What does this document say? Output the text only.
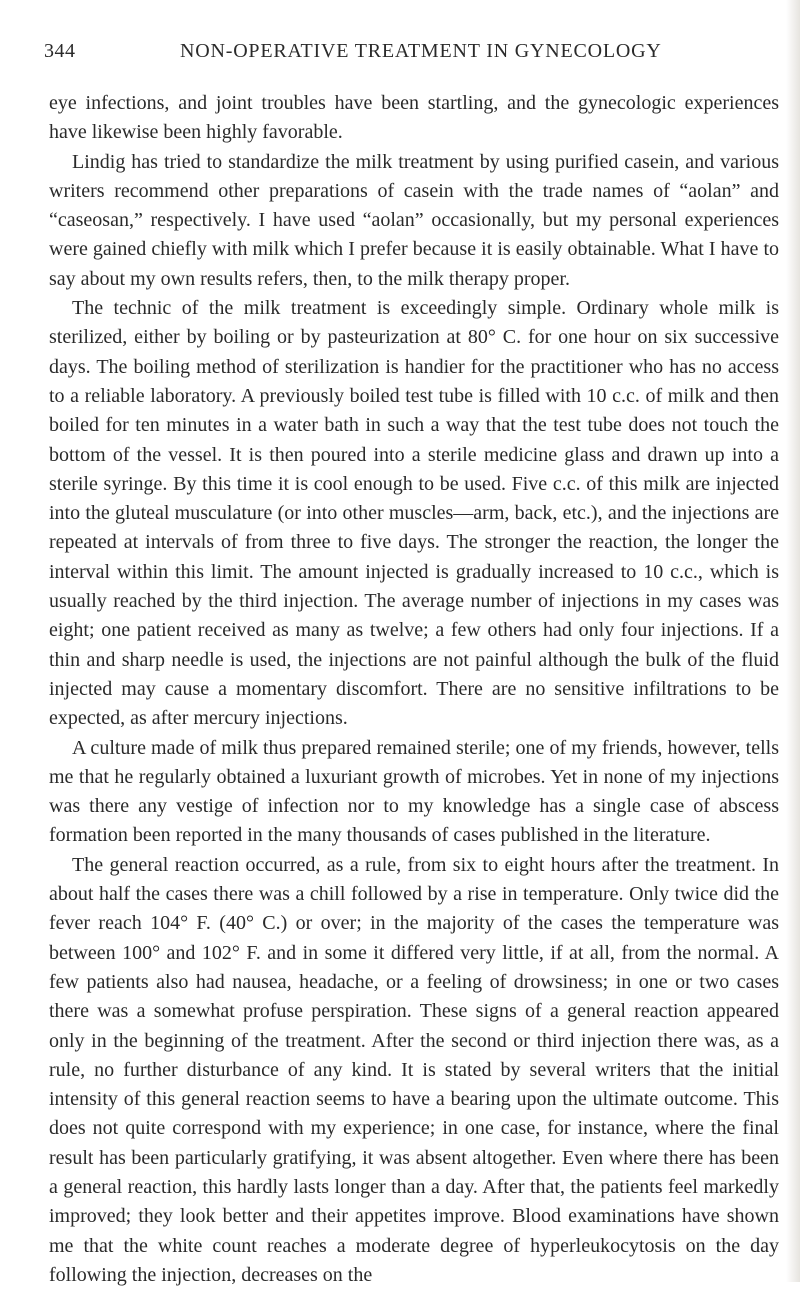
344	NON-OPERATIVE TREATMENT IN GYNECOLOGY

eye infections, and joint troubles have been startling, and the gynecologic experiences have likewise been highly favorable.

Lindig has tried to standardize the milk treatment by using purified casein, and various writers recommend other preparations of casein with the trade names of “aolan” and “caseosan,” respectively. I have used “aolan” occasionally, but my personal experiences were gained chiefly with milk which I prefer because it is easily obtainable. What I have to say about my own results refers, then, to the milk therapy proper.

The technic of the milk treatment is exceedingly simple. Ordinary whole milk is sterilized, either by boiling or by pasteurization at 80° C. for one hour on six successive days. The boiling method of sterilization is handier for the practitioner who has no access to a reliable laboratory. A previously boiled test tube is filled with 10 c.c. of milk and then boiled for ten minutes in a water bath in such a way that the test tube does not touch the bottom of the vessel. It is then poured into a sterile medicine glass and drawn up into a sterile syringe. By this time it is cool enough to be used. Five c.c. of this milk are injected into the gluteal musculature (or into other muscles—arm, back, etc.), and the injections are repeated at intervals of from three to five days. The stronger the reaction, the longer the interval within this limit. The amount injected is gradually increased to 10 c.c., which is usually reached by the third injection. The average number of injections in my cases was eight; one patient received as many as twelve; a few others had only four injections. If a thin and sharp needle is used, the injections are not painful although the bulk of the fluid injected may cause a momentary discomfort. There are no sensitive infiltrations to be expected, as after mercury injections.

A culture made of milk thus prepared remained sterile; one of my friends, however, tells me that he regularly obtained a luxuriant growth of microbes. Yet in none of my injections was there any vestige of infection nor to my knowledge has a single case of abscess formation been reported in the many thousands of cases published in the literature.

The general reaction occurred, as a rule, from six to eight hours after the treatment. In about half the cases there was a chill followed by a rise in temperature. Only twice did the fever reach 104° F. (40° C.) or over; in the majority of the cases the temperature was between 100° and 102° F. and in some it differed very little, if at all, from the normal. A few patients also had nausea, headache, or a feeling of drowsiness; in one or two cases there was a somewhat profuse perspiration. These signs of a general reaction appeared only in the beginning of the treatment. After the second or third injection there was, as a rule, no further disturbance of any kind. It is stated by several writers that the initial intensity of this general reaction seems to have a bearing upon the ultimate outcome. This does not quite correspond with my experience; in one case, for instance, where the final result has been particularly gratifying, it was absent altogether. Even where there has been a general reaction, this hardly lasts longer than a day. After that, the patients feel markedly improved; they look better and their appetites improve. Blood examinations have shown me that the white count reaches a moderate degree of hyperleukocytosis on the day following the injection, decreases on the
